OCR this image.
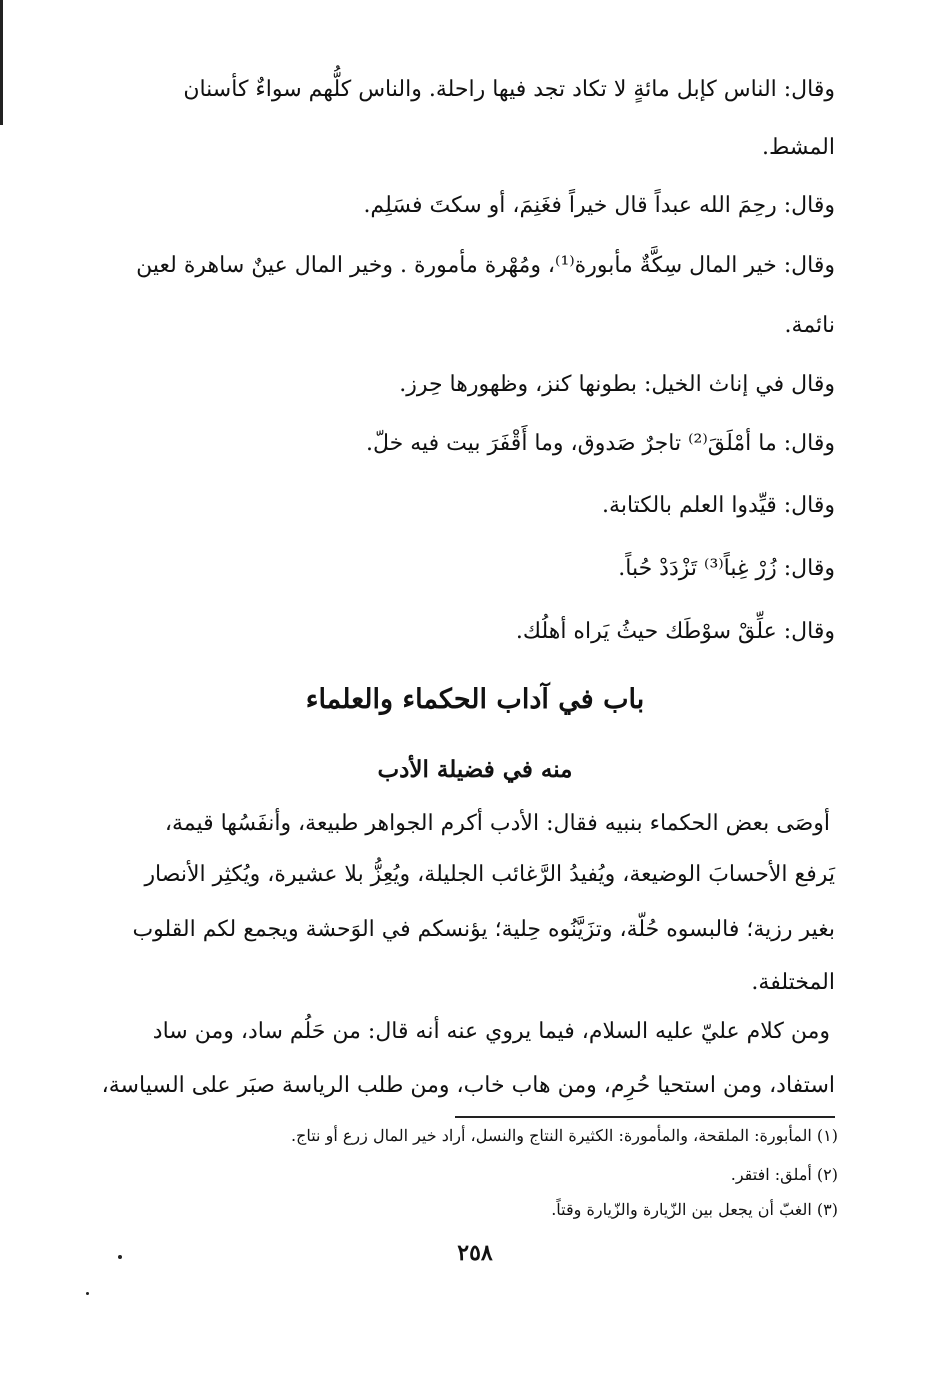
وقال: الناس كإبل مائةٍ لا تكاد تجد فيها راحلة. والناس كلُّهم سواءٌ كأسنان
المشط.
وقال: رحِمَ الله عبداً قال خيراً فغَنِمَ، أو سكتَ فسَلِم.
وقال: خير المال سِكَّةٌ مأبورة⁽¹⁾، ومُهْرة مأمورة . وخير المال عينٌ ساهرة لعين
نائمة.
وقال في إناث الخيل: بطونها كنز، وظهورها حِرز.
وقال: ما أمْلَقَ⁽²⁾ تاجرٌ صَدوق، وما أَقْفَرَ بيت فيه خلّ.
وقال: قيِّدوا العلم بالكتابة.
وقال: زُرْ غِباً⁽³⁾ تَزْدَدْ حُباً.
وقال: علِّقْ سوْطَك حيثُ يَراه أهلُك.
باب في آداب الحكماء والعلماء
منه في فضيلة الأدب
أوصَى بعض الحكماء بنبيه فقال: الأدب أكرم الجواهر طبيعة، وأنفَسُها قيمة،
يَرفع الأحسابَ الوضيعة، ويُفيدُ الرَّغائب الجليلة، ويُعِزُّ بلا عشيرة، ويُكثِر الأنصار
بغير رزية؛ فالبسوه حُلّة، وتزَيَّنُوه حِلية؛ يؤنسكم في الوَحشة ويجمع لكم القلوب
المختلفة.
ومن كلام عليّ عليه السلام، فيما يروي عنه أنه قال: من حَلُم ساد، ومن ساد
استفاد، ومن استحيا حُرِم، ومن هاب خاب، ومن طلب الرياسة صبَر على السياسة،
(١) المأبورة: الملقحة، والمأمورة: الكثيرة النتاج والنسل، أراد خير المال زرع أو نتاج.
(٢) أملق: افتقر.
(٣) الغبّ أن يجعل بين الزّيارة والزّيارة وقتاً.
٢٥٨
